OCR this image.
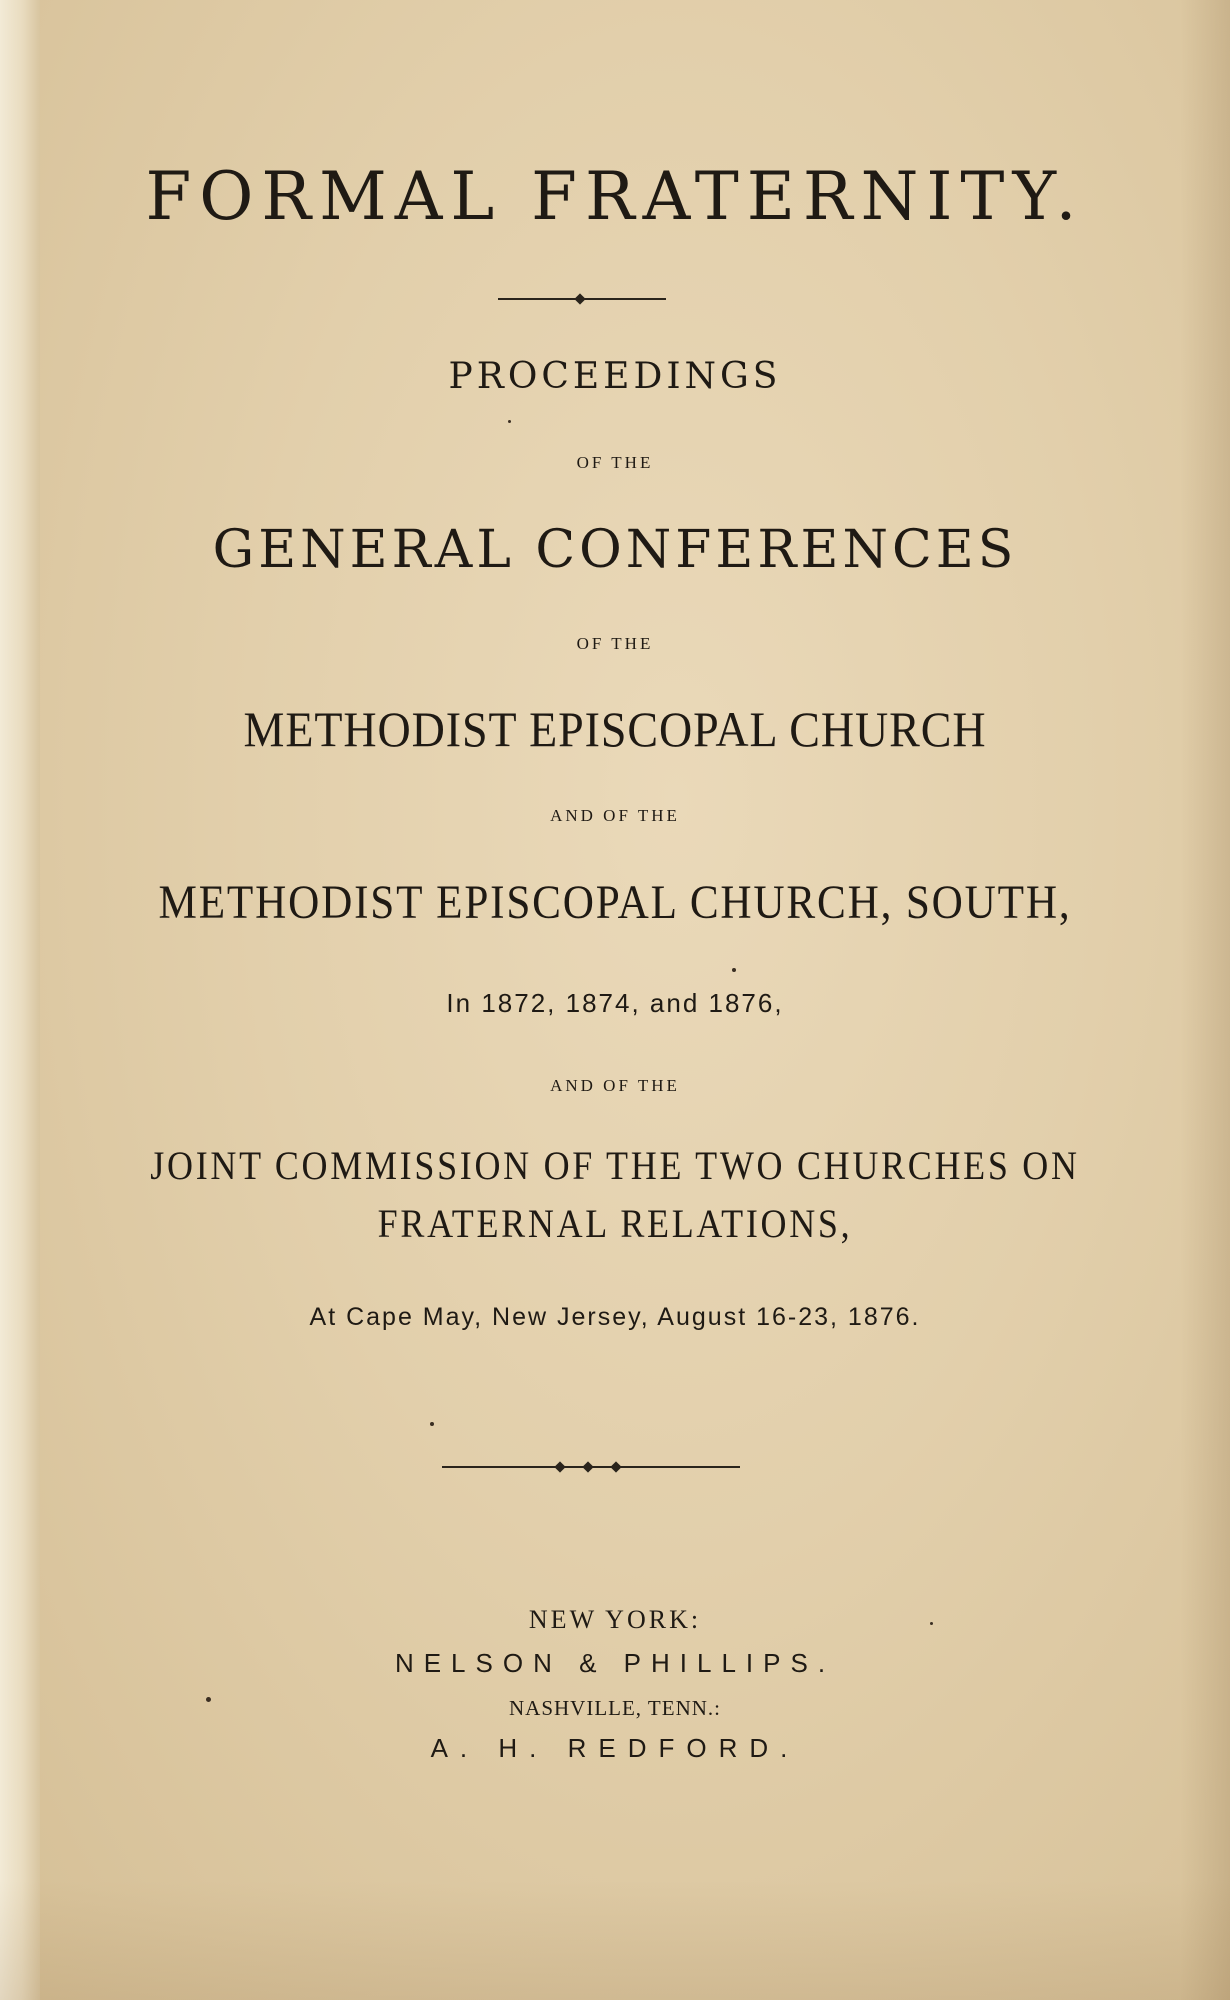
FORMAL FRATERNITY.
PROCEEDINGS
OF THE
GENERAL CONFERENCES
OF THE
METHODIST EPISCOPAL CHURCH
AND OF THE
METHODIST EPISCOPAL CHURCH, SOUTH,
In 1872, 1874, and 1876,
AND OF THE
JOINT COMMISSION OF THE TWO CHURCHES ON
FRATERNAL RELATIONS,
At Cape May, New Jersey, August 16-23, 1876.
NEW YORK:
NELSON & PHILLIPS.
NASHVILLE, TENN.:
A. H. REDFORD.
